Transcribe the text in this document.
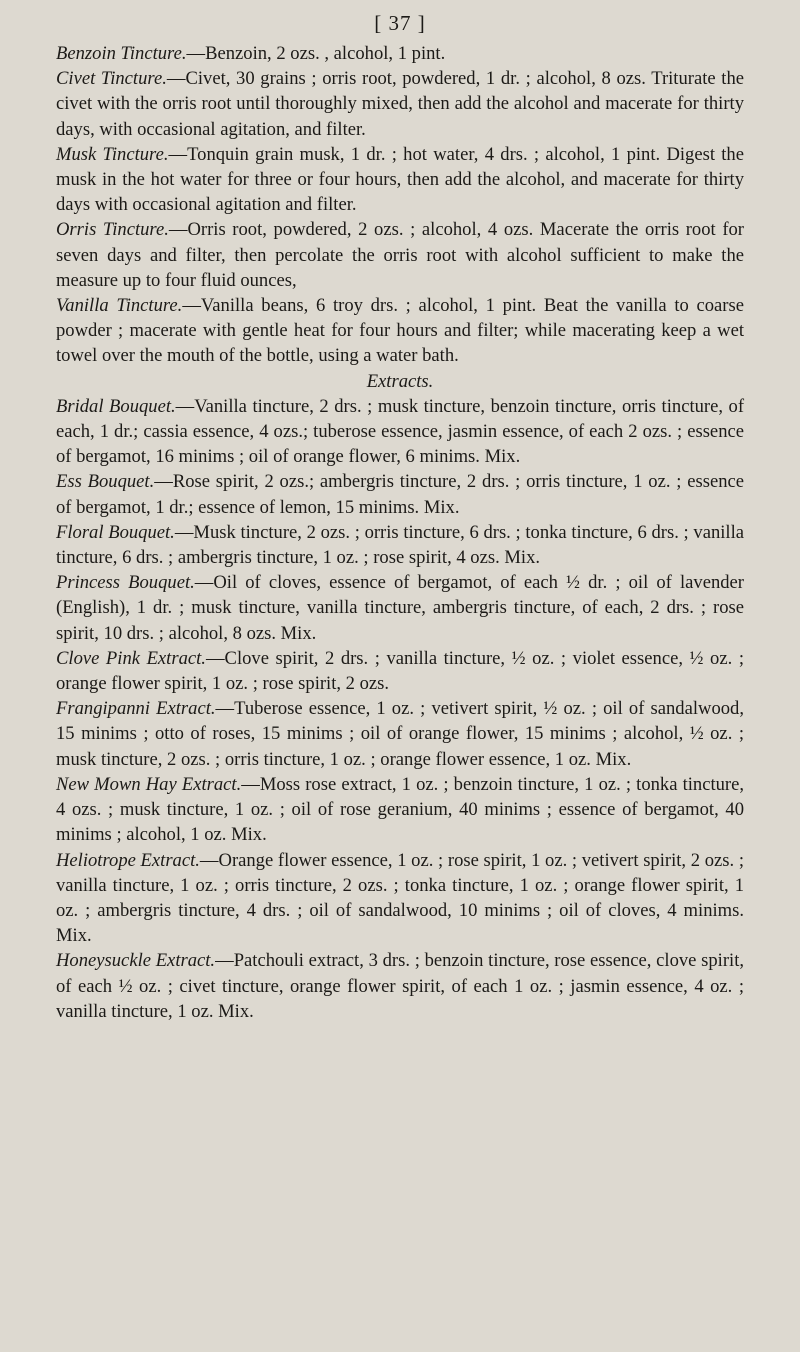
[ 37 ]

Benzoin Tincture.—Benzoin, 2 ozs. , alcohol, 1 pint.

Civet Tincture.—Civet, 30 grains ; orris root, powdered, 1 dr. ; alcohol, 8 ozs. Triturate the civet with the orris root until thoroughly mixed, then add the alcohol and macerate for thirty days, with occasional agitation, and filter.

Musk Tincture.—Tonquin grain musk, 1 dr. ; hot water, 4 drs. ; alcohol, 1 pint. Digest the musk in the hot water for three or four hours, then add the alcohol, and macerate for thirty days with occasional agitation and filter.

Orris Tincture.—Orris root, powdered, 2 ozs. ; alcohol, 4 ozs. Macerate the orris root for seven days and filter, then percolate the orris root with alcohol sufficient to make the measure up to four fluid ounces,

Vanilla Tincture.—Vanilla beans, 6 troy drs. ; alcohol, 1 pint. Beat the vanilla to coarse powder ; macerate with gentle heat for four hours and filter; while macerating keep a wet towel over the mouth of the bottle, using a water bath.

Extracts.

Bridal Bouquet.—Vanilla tincture, 2 drs. ; musk tincture, benzoin tincture, orris tincture, of each, 1 dr.; cassia essence, 4 ozs.; tuberose essence, jasmin essence, of each 2 ozs. ; essence of bergamot, 16 minims ; oil of orange flower, 6 minims. Mix.

Ess Bouquet.—Rose spirit, 2 ozs.; ambergris tincture, 2 drs. ; orris tincture, 1 oz. ; essence of bergamot, 1 dr.; essence of lemon, 15 minims. Mix.

Floral Bouquet.—Musk tincture, 2 ozs. ; orris tincture, 6 drs. ; tonka tincture, 6 drs. ; vanilla tincture, 6 drs. ; ambergris tincture, 1 oz. ; rose spirit, 4 ozs. Mix.

Princess Bouquet.—Oil of cloves, essence of bergamot, of each ½ dr. ; oil of lavender (English), 1 dr. ; musk tincture, vanilla tincture, ambergris tincture, of each, 2 drs. ; rose spirit, 10 drs. ; alcohol, 8 ozs. Mix.

Clove Pink Extract.—Clove spirit, 2 drs. ; vanilla tincture, ½ oz. ; violet essence, ½ oz. ; orange flower spirit, 1 oz. ; rose spirit, 2 ozs.

Frangipanni Extract.—Tuberose essence, 1 oz. ; vetivert spirit, ½ oz. ; oil of sandalwood, 15 minims ; otto of roses, 15 minims ; oil of orange flower, 15 minims ; alcohol, ½ oz. ; musk tincture, 2 ozs. ; orris tincture, 1 oz. ; orange flower essence, 1 oz. Mix.

New Mown Hay Extract.—Moss rose extract, 1 oz. ; benzoin tincture, 1 oz. ; tonka tincture, 4 ozs. ; musk tincture, 1 oz. ; oil of rose geranium, 40 minims ; essence of bergamot, 40 minims ; alcohol, 1 oz. Mix.

Heliotrope Extract.—Orange flower essence, 1 oz. ; rose spirit, 1 oz. ; vetivert spirit, 2 ozs. ; vanilla tincture, 1 oz. ; orris tincture, 2 ozs. ; tonka tincture, 1 oz. ; orange flower spirit, 1 oz. ; ambergris tincture, 4 drs. ; oil of sandalwood, 10 minims ; oil of cloves, 4 minims. Mix.

Honeysuckle Extract.—Patchouli extract, 3 drs. ; benzoin tincture, rose essence, clove spirit, of each ½ oz. ; civet tincture, orange flower spirit, of each 1 oz. ; jasmin essence, 4 oz. ; vanilla tincture, 1 oz. Mix.
